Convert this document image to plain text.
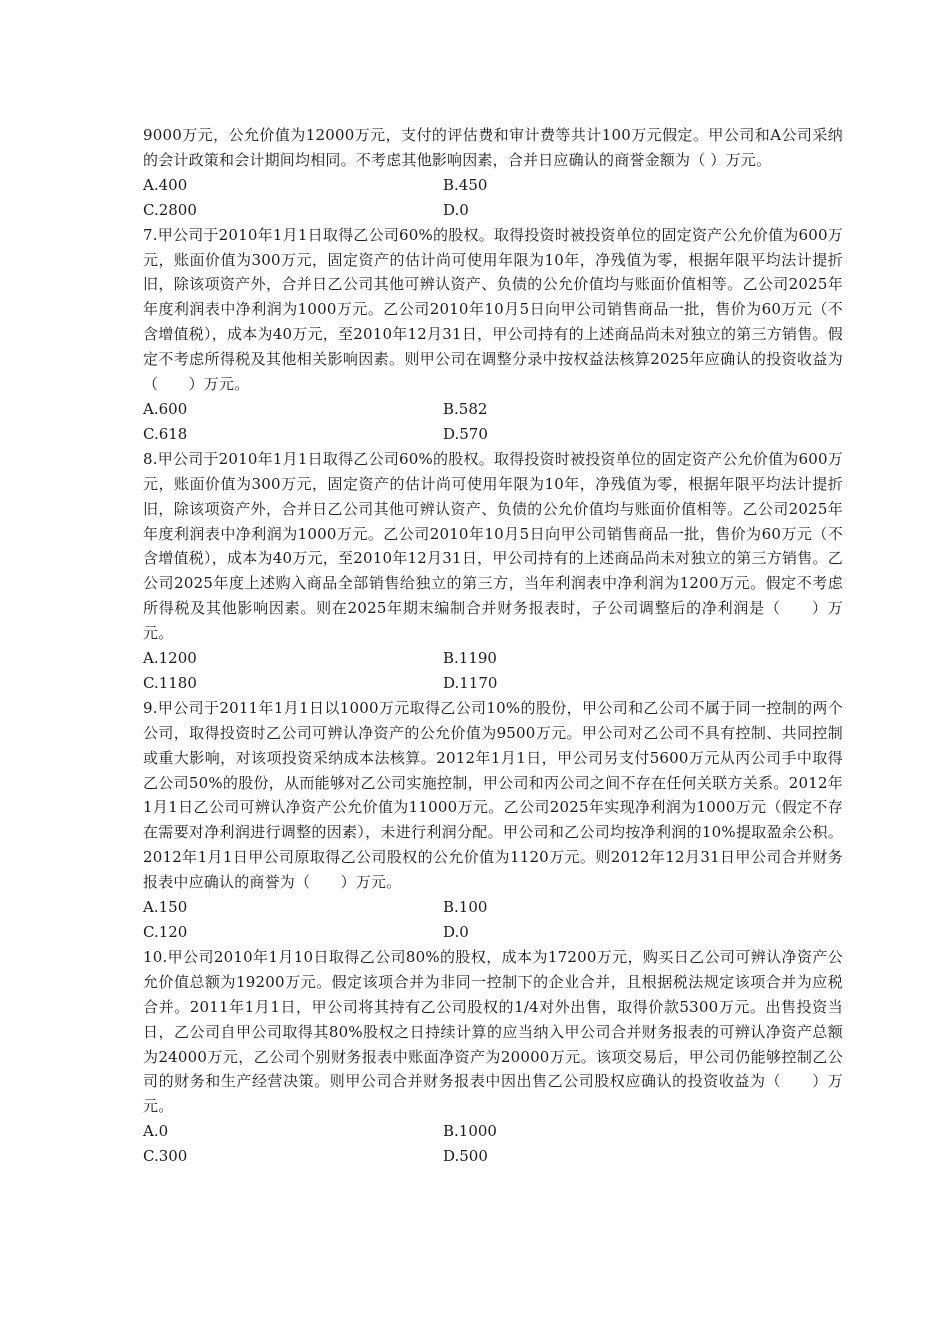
9000万元，公允价值为12000万元，支付的评估费和审计费等共计100万元假定。甲公司和A公司采纳的会计政策和会计期间均相同。不考虑其他影响因素，合并日应确认的商誉金额为（ ）万元。

A.400	B.450
C.2800	D.0

7.甲公司于2010年1月1日取得乙公司60%的股权。取得投资时被投资单位的固定资产公允价值为600万元，账面价值为300万元，固定资产的估计尚可使用年限为10年，净残值为零，根据年限平均法计提折旧，除该项资产外，合并日乙公司其他可辨认资产、负债的公允价值均与账面价值相等。乙公司2025年年度利润表中净利润为1000万元。乙公司2010年10月5日向甲公司销售商品一批，售价为60万元（不含增值税），成本为40万元，至2010年12月31日，甲公司持有的上述商品尚未对独立的第三方销售。假定不考虑所得税及其他相关影响因素。则甲公司在调整分录中按权益法核算2025年应确认的投资收益为（　　）万元。

A.600	B.582
C.618	D.570

8.甲公司于2010年1月1日取得乙公司60%的股权。取得投资时被投资单位的固定资产公允价值为600万元，账面价值为300万元，固定资产的估计尚可使用年限为10年，净残值为零，根据年限平均法计提折旧，除该项资产外，合并日乙公司其他可辨认资产、负债的公允价值均与账面价值相等。乙公司2025年年度利润表中净利润为1000万元。乙公司2010年10月5日向甲公司销售商品一批，售价为60万元（不含增值税），成本为40万元，至2010年12月31日，甲公司持有的上述商品尚未对独立的第三方销售。乙公司2025年度上述购入商品全部销售给独立的第三方，当年利润表中净利润为1200万元。假定不考虑所得税及其他影响因素。则在2025年期末编制合并财务报表时，子公司调整后的净利润是（　　）万元。

A.1200	B.1190
C.1180	D.1170

9.甲公司于2011年1月1日以1000万元取得乙公司10%的股份，甲公司和乙公司不属于同一控制的两个公司，取得投资时乙公司可辨认净资产的公允价值为9500万元。甲公司对乙公司不具有控制、共同控制或重大影响，对该项投资采纳成本法核算。2012年1月1日，甲公司另支付5600万元从丙公司手中取得乙公司50%的股份，从而能够对乙公司实施控制，甲公司和丙公司之间不存在任何关联方关系。2012年1月1日乙公司可辨认净资产公允价值为11000万元。乙公司2025年实现净利润为1000万元（假定不存在需要对净利润进行调整的因素），未进行利润分配。甲公司和乙公司均按净利润的10%提取盈余公积。2012年1月1日甲公司原取得乙公司股权的公允价值为1120万元。则2012年12月31日甲公司合并财务报表中应确认的商誉为（　　）万元。

A.150	B.100
C.120	D.0

10.甲公司2010年1月10日取得乙公司80%的股权，成本为17200万元，购买日乙公司可辨认净资产公允价值总额为19200万元。假定该项合并为非同一控制下的企业合并，且根据税法规定该项合并为应税合并。2011年1月1日，甲公司将其持有乙公司股权的1/4对外出售，取得价款5300万元。出售投资当日，乙公司自甲公司取得其80%股权之日持续计算的应当纳入甲公司合并财务报表的可辨认净资产总额为24000万元，乙公司个别财务报表中账面净资产为20000万元。该项交易后，甲公司仍能够控制乙公司的财务和生产经营决策。则甲公司合并财务报表中因出售乙公司股权应确认的投资收益为（　　）万元。

A.0	B.1000
C.300	D.500
